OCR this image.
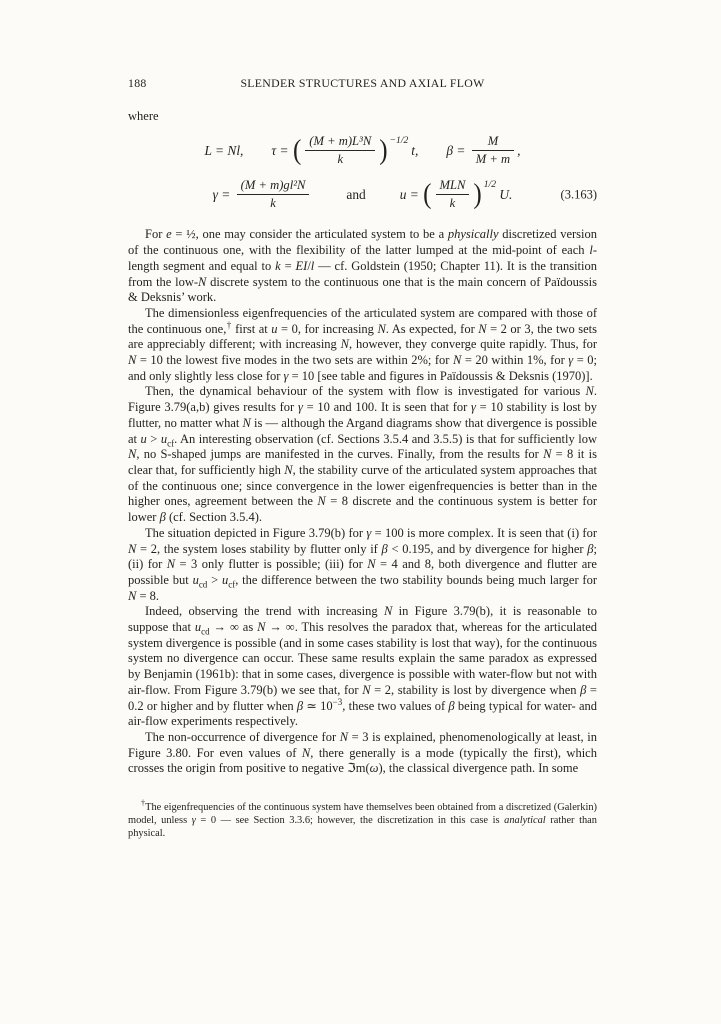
188	SLENDER STRUCTURES AND AXIAL FLOW

where

L = Nl, τ = ( $\frac{\text{(M + m)L³N}}{k}$ ) −1/2
t, $\beta = \frac{M}{M + m}$ ,
$\gamma = \frac{\text{(M + m)gl²N}}{k}$	and	u = ( $\frac{\text{MLN}}{k}$ ) 1/2
U.	(3.163)

For e = ½, one may consider the articulated system to be a physically discretized version of the continuous one, with the flexibility of the latter lumped at the mid-point of each l-length segment and equal to k = EI/l — cf. Goldstein (1950; Chapter 11). It is the transition from the low-N discrete system to the continuous one that is the main concern of Païdoussis & Deksnis’ work.

The dimensionless eigenfrequencies of the articulated system are compared with those of the continuous one,† first at u = 0, for increasing N. As expected, for N = 2 or 3, the two sets are appreciably different; with increasing N, however, they converge quite rapidly. Thus, for N = 10 the lowest five modes in the two sets are within 2%; for N = 20 within 1%, for γ = 0; and only slightly less close for γ = 10 [see table and figures in Païdoussis & Deksnis (1970)].

Then, the dynamical behaviour of the system with flow is investigated for various N. Figure 3.79(a,b) gives results for γ = 10 and 100. It is seen that for γ = 10 stability is lost by flutter, no matter what N is — although the Argand diagrams show that divergence is possible at $u > u_{cf}$. An interesting observation (cf. Sections 3.5.4 and 3.5.5) is that for sufficiently low N, no S-shaped jumps are manifested in the curves. Finally, from the results for N = 8 it is clear that, for sufficiently high N, the stability curve of the articulated system approaches that of the continuous one; since convergence in the lower eigenfrequencies is better than in the higher ones, agreement between the N = 8 discrete and the continuous system is better for lower β (cf. Section 3.5.4).

The situation depicted in Figure 3.79(b) for γ = 100 is more complex. It is seen that (i) for N = 2, the system loses stability by flutter only if β < 0.195, and by divergence for higher β; (ii) for N = 3 only flutter is possible; (iii) for N = 4 and 8, both divergence and flutter are possible but $u_{cd} > u_{cf}$, the difference between the two stability bounds being much larger for N = 8.

Indeed, observing the trend with increasing N in Figure 3.79(b), it is reasonable to suppose that $u_{cd}$ → ∞ as N → ∞. This resolves the paradox that, whereas for the articulated system divergence is possible (and in some cases stability is lost that way), for the continuous system no divergence can occur. These same results explain the same paradox as expressed by Benjamin (1961b): that in some cases, divergence is possible with water-flow but not with air-flow. From Figure 3.79(b) we see that, for N = 2, stability is lost by divergence when β = 0.2 or higher and by flutter when β ≃ $10^{-3}$, these two values of β being typical for water- and air-flow experiments respectively.

The non-occurrence of divergence for N = 3 is explained, phenomenologically at least, in Figure 3.80. For even values of N, there generally is a mode (typically the first), which crosses the origin from positive to negative ℑm(ω), the classical divergence path. In some

†The eigenfrequencies of the continuous system have themselves been obtained from a discretized (Galerkin) model, unless γ = 0 — see Section 3.3.6; however, the discretization in this case is analytical rather than physical.
